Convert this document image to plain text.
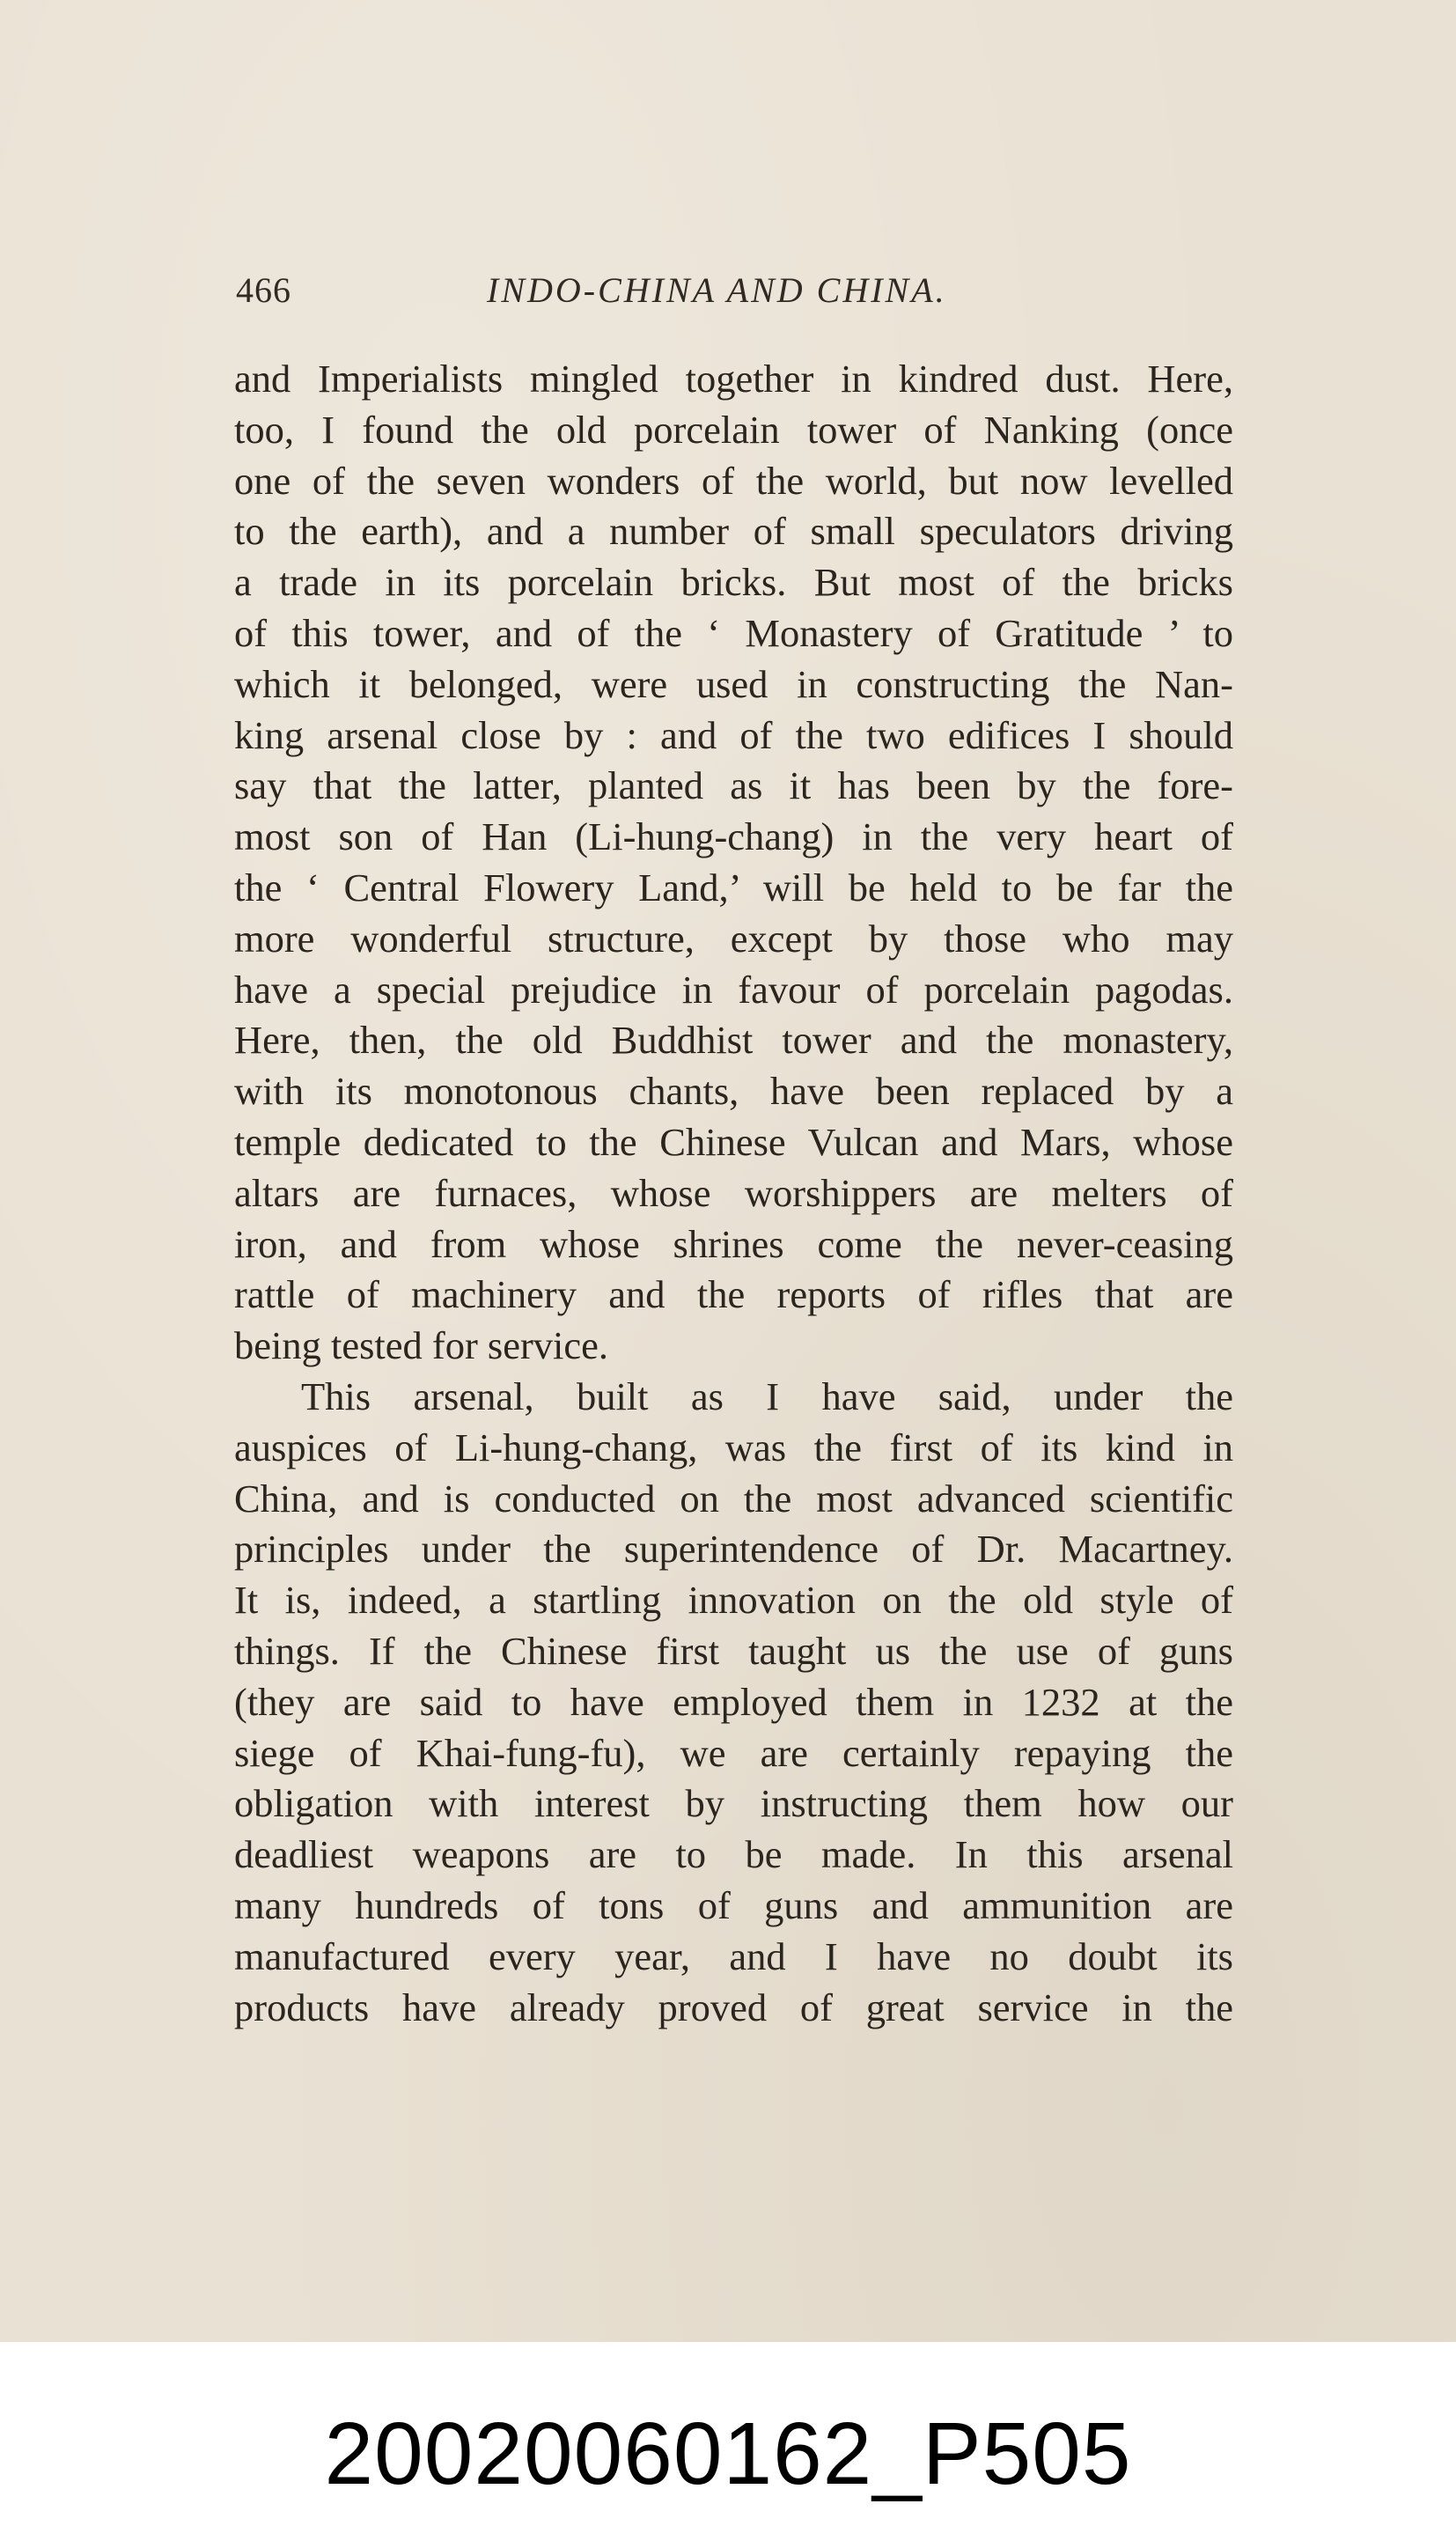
466	INDO-CHINA AND CHINA.
and Imperialists mingled together in kindred dust. Here,
too, I found the old porcelain tower of Nanking (once
one of the seven wonders of the world, but now levelled
to the earth), and a number of small speculators driving
a trade in its porcelain bricks. But most of the bricks
of this tower, and of the ‘ Monastery of Gratitude ’ to
which it belonged, were used in constructing the Nan-
king arsenal close by : and of the two edifices I should
say that the latter, planted as it has been by the fore-
most son of Han (Li-hung-chang) in the very heart of
the ‘ Central Flowery Land,’ will be held to be far the
more wonderful structure, except by those who may
have a special prejudice in favour of porcelain pagodas.
Here, then, the old Buddhist tower and the monastery,
with its monotonous chants, have been replaced by a
temple dedicated to the Chinese Vulcan and Mars, whose
altars are furnaces, whose worshippers are melters of
iron, and from whose shrines come the never-ceasing
rattle of machinery and the reports of rifles that are
being tested for service.
This arsenal, built as I have said, under the
auspices of Li-hung-chang, was the first of its kind in
China, and is conducted on the most advanced scientific
principles under the superintendence of Dr. Macartney.
It is, indeed, a startling innovation on the old style of
things. If the Chinese first taught us the use of guns
(they are said to have employed them in 1232 at the
siege of Khai-fung-fu), we are certainly repaying the
obligation with interest by instructing them how our
deadliest weapons are to be made. In this arsenal
many hundreds of tons of guns and ammunition are
manufactured every year, and I have no doubt its
products have already proved of great service in the
20020060162_P505
